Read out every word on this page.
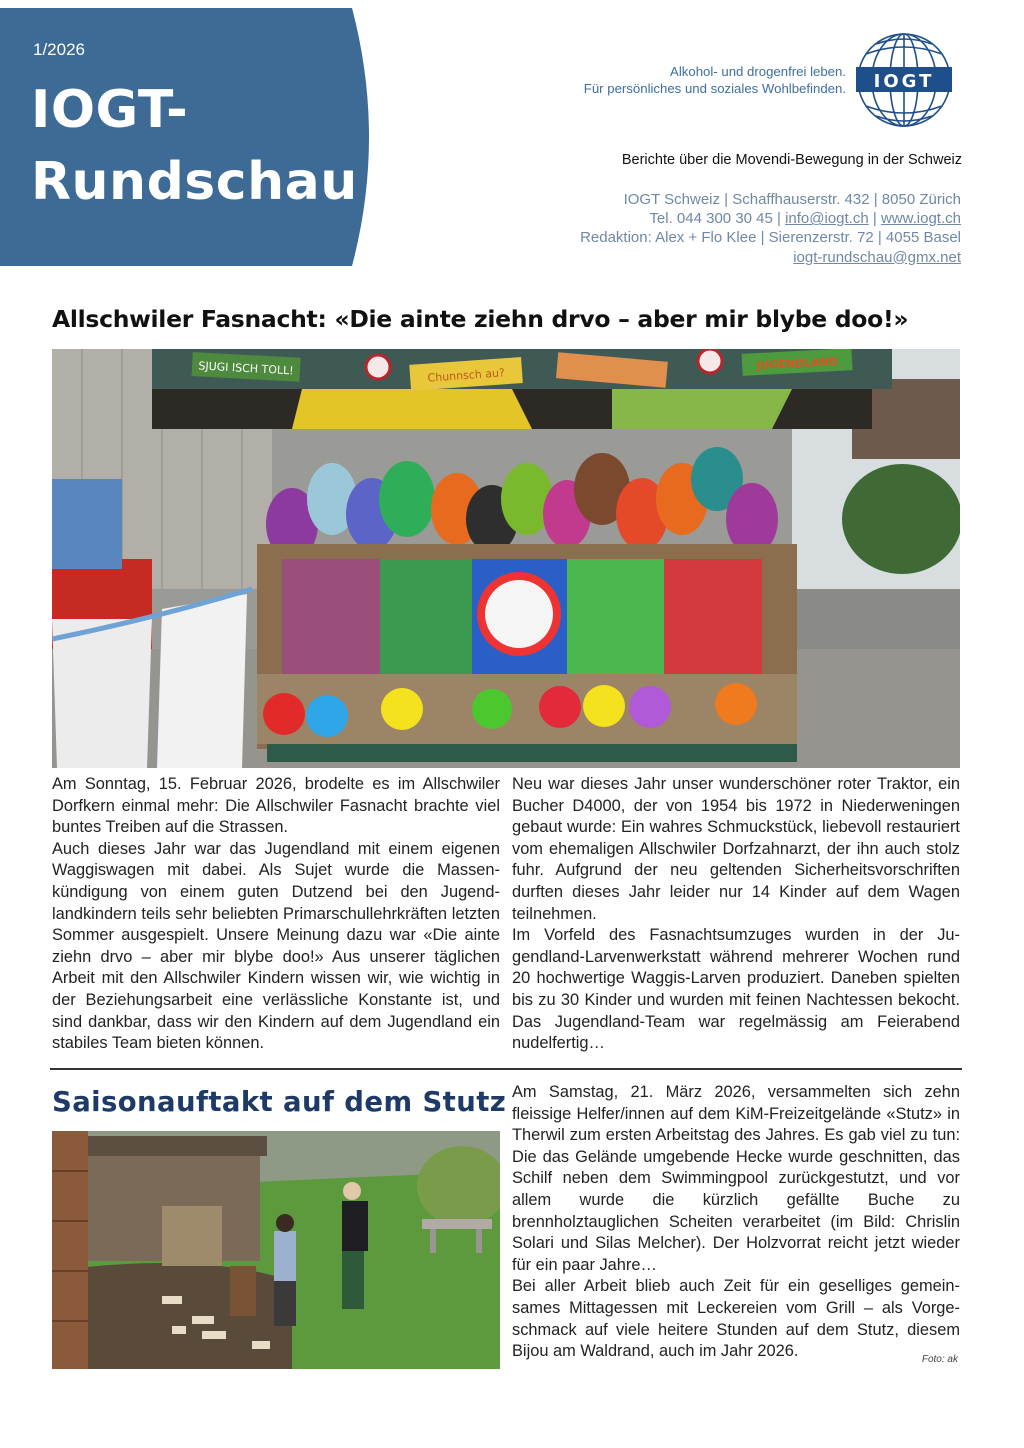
1/2026
IOGT-
Rundschau
Alkohol- und drogenfrei leben.
Für persönliches und soziales Wohlbefinden. IOGT
Berichte über die Movendi-Bewegung in der Schweiz
IOGT Schweiz | Schaffhauserstr. 432 | 8050 Zürich
Tel. 044 300 30 45 | info@iogt.ch | www.iogt.ch
Redaktion: Alex + Flo Klee | Sierenzerstr. 72 | 4055 Basel
iogt-rundschau@gmx.net
Allschwiler Fasnacht: «Die ainte ziehn drvo – aber mir blybe doo!»
SJUGI ISCH TOLL!	Chunnsch au?
JUGENDLAND

Am Sonntag, 15. Februar 2026, brodelte es im Allschwiler Dorfkern einmal mehr: Die Allschwiler Fasnacht brachte viel buntes Treiben auf die Strassen.

Auch dieses Jahr war das Jugendland mit einem eigenen Waggiswagen mit dabei. Als Sujet wurde die Massenkündigung von einem guten Dutzend bei den Jugendlandkindern teils sehr beliebten Primarschullehrkräften letzten Sommer ausgespielt. Unsere Meinung dazu war «Die ainte ziehn drvo – aber mir blybe doo!» Aus unserer täglichen Arbeit mit den Allschwiler Kindern wissen wir, wie wichtig in der Beziehungsarbeit eine verlässliche Konstante ist, und sind dankbar, dass wir den Kindern auf dem Jugendland ein stabiles Team bieten können.

Neu war dieses Jahr unser wunderschöner roter Traktor, ein Bucher D4000, der von 1954 bis 1972 in Niederweningen gebaut wurde: Ein wahres Schmuckstück, liebevoll restauriert vom ehemaligen Allschwiler Dorfzahnarzt, der ihn auch stolz fuhr. Aufgrund der neu geltenden Sicherheitsvorschriften durften dieses Jahr leider nur 14 Kinder auf dem Wagen teilnehmen.

Im Vorfeld des Fasnachtsumzuges wurden in der Jugendland-Larvenwerkstatt während mehrerer Wochen rund 20 hochwertige Waggis-Larven produziert. Daneben spielten bis zu 30 Kinder und wurden mit feinen Nachtessen bekocht. Das Jugendland-Team war regelmässig am Feierabend nudelfertig…

Saisonauftakt auf dem Stutz Am Samstag, 21. März 2026, versammelten sich zehn fleissige Helfer/innen auf dem KiM-Freizeitgelände «Stutz» in Therwil zum ersten Arbeitstag des Jahres. Es gab viel zu tun: Die das Gelände umgebende Hecke wurde geschnitten, das Schilf neben dem Swimmingpool zurückgestutzt, und vor allem wurde die kürzlich gefällte Buche zu brennholztauglichen Scheiten verarbeitet (im Bild: Chrislin Solari und Silas Melcher). Der Holzvorrat reicht jetzt wieder für ein paar Jahre…

Bei aller Arbeit blieb auch Zeit für ein geselliges gemeinsames Mittagessen mit Leckereien vom Grill – als Vorgeschmack auf viele heitere Stunden auf dem Stutz, diesem Bijou am Waldrand, auch im Jahr 2026.	Foto: ak
